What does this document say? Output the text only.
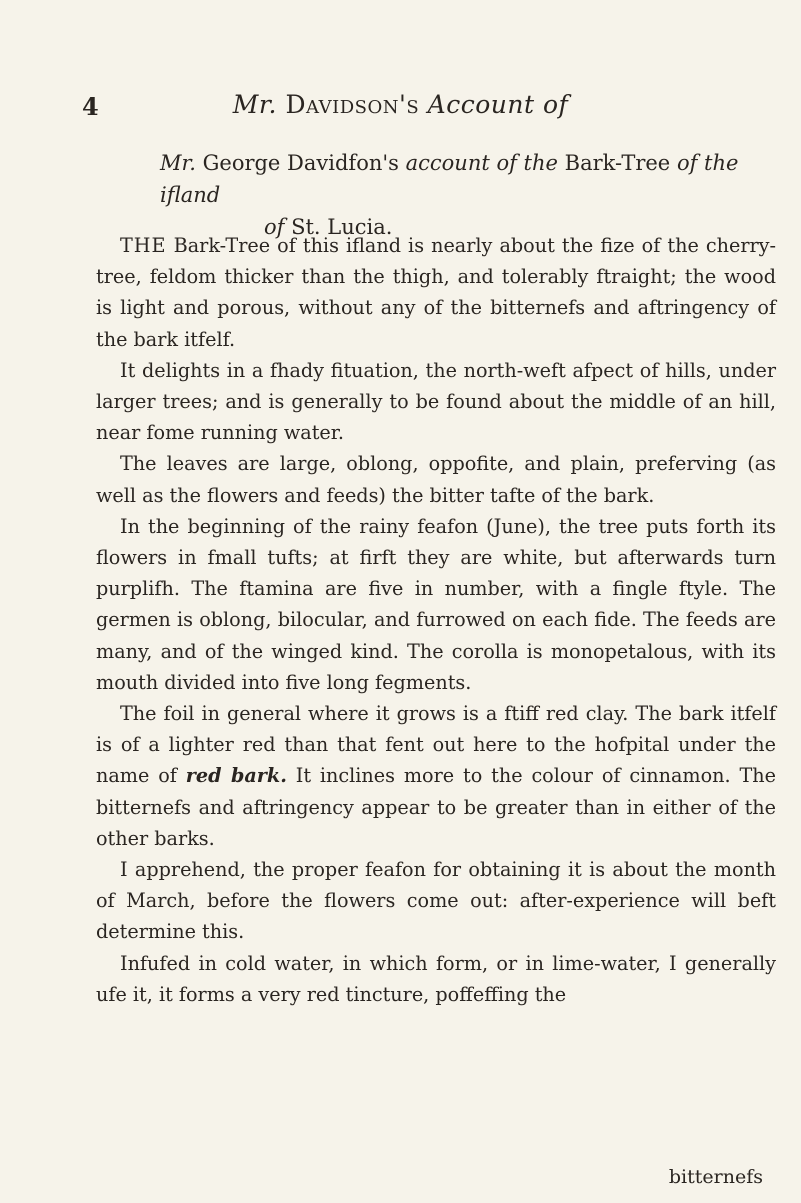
4	Mr. Davidson's Account of
Mr. George Davidfon's account of the Bark-Tree of the ifland
of St. Lucia.

THE Bark-Tree of this ifland is nearly about the fize of the cherry-tree, feldom thicker than the thigh, and tolerably ftraight; the wood is light and porous, without any of the bitternefs and aftringency of the bark itfelf.

It delights in a fhady fituation, the north-weft afpect of hills, under larger trees; and is generally to be found about the middle of an hill, near fome running water.

The leaves are large, oblong, oppofite, and plain, preferving (as well as the flowers and feeds) the bitter tafte of the bark.

In the beginning of the rainy feafon (June), the tree puts forth its flowers in fmall tufts; at firft they are white, but afterwards turn purplifh. The ftamina are five in number, with a fingle ftyle. The germen is oblong, bilocular, and furrowed on each fide. The feeds are many, and of the winged kind. The corolla is monopetalous, with its mouth divided into five long fegments.

The foil in general where it grows is a ftiff red clay. The bark itfelf is of a lighter red than that fent out here to the hofpital under the name of red bark. It inclines more to the colour of cinnamon. The bitternefs and aftringency appear to be greater than in either of the other barks.

I apprehend, the proper feafon for obtaining it is about the month of March, before the flowers come out: after-experience will beft determine this.

Infufed in cold water, in which form, or in lime-water, I generally ufe it, it forms a very red tincture, poffeffing the

bitternefs
